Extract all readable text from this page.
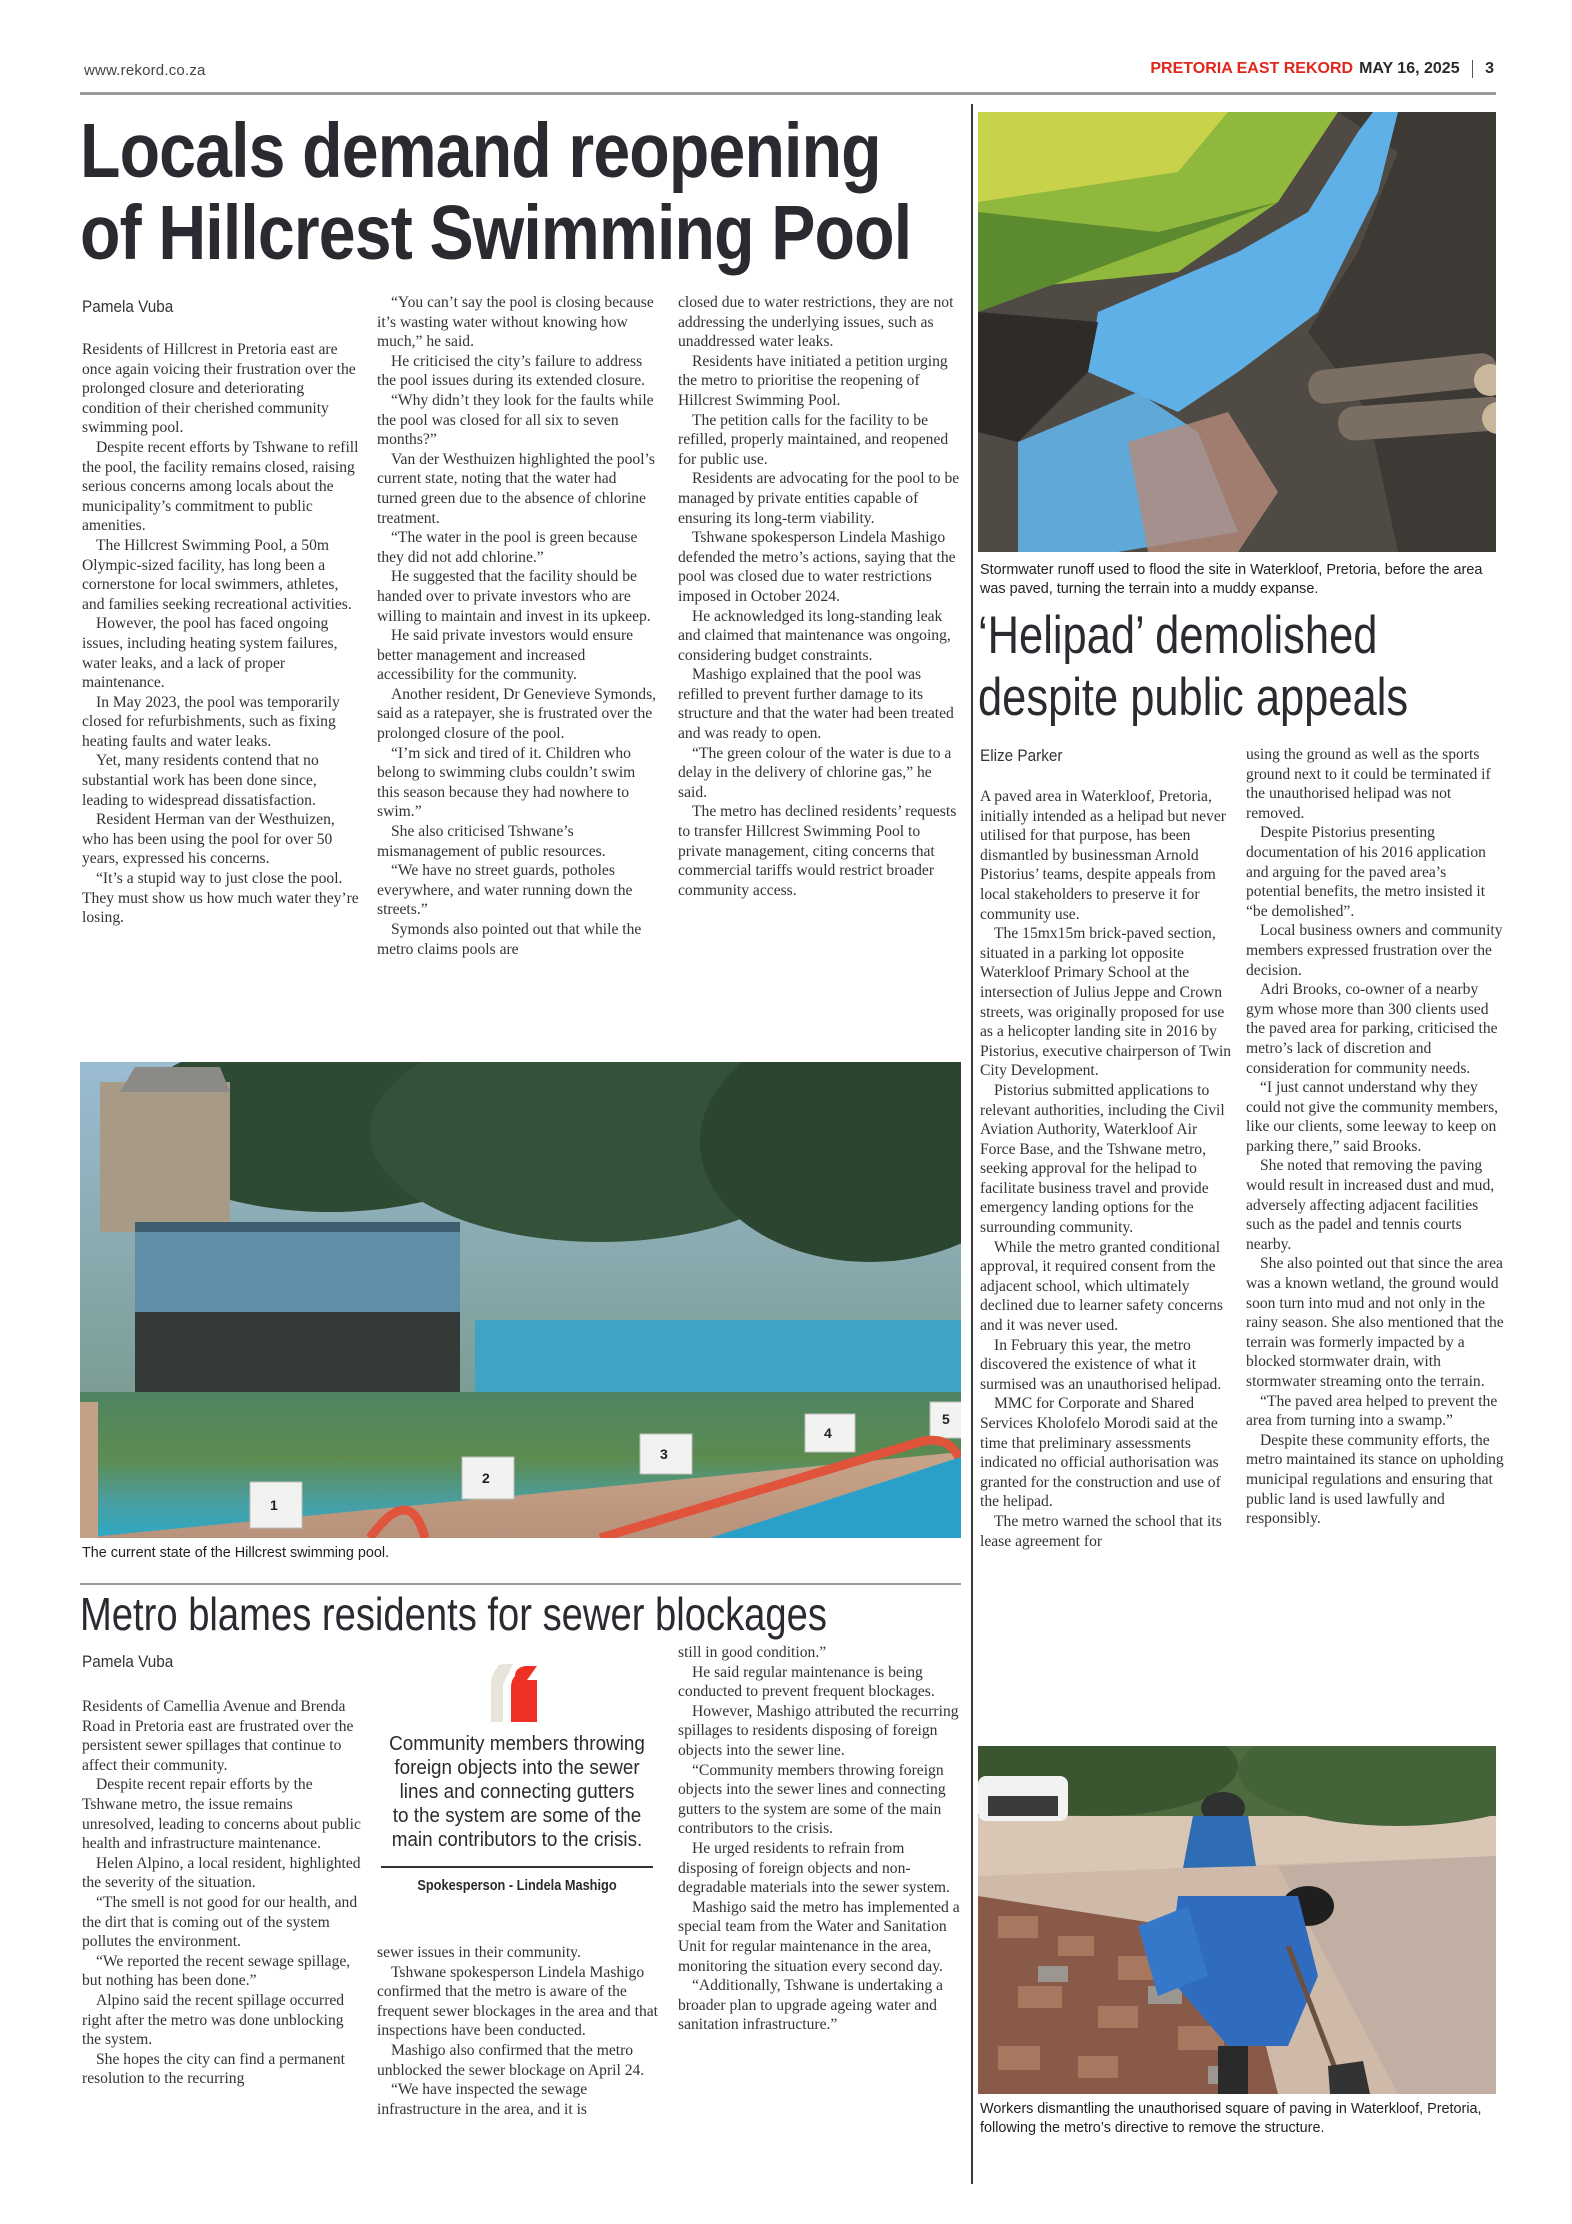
www.rekord.co.za	PRETORIA EAST REKORD MAY 16, 2025 3
Locals demand reopening
of Hillcrest Swimming Pool
Pamela Vuba

Residents of Hillcrest in Pretoria east are once again voicing their frustration over the prolonged closure and deteriorating condition of their cherished community swimming pool.

Despite recent efforts by Tshwane to refill the pool, the facility remains closed, raising serious concerns among locals about the municipality’s commitment to public amenities.

The Hillcrest Swimming Pool, a 50m Olympic-sized facility, has long been a cornerstone for local swimmers, athletes, and families seeking recreational activities.

However, the pool has faced ongoing issues, including heating system failures, water leaks, and a lack of proper maintenance.

In May 2023, the pool was temporarily closed for refurbishments, such as fixing heating faults and water leaks.

Yet, many residents contend that no substantial work has been done since, leading to widespread dissatisfaction.

Resident Herman van der Westhuizen, who has been using the pool for over 50 years, expressed his concerns.

“It’s a stupid way to just close the pool. They must show us how much water they’re losing.

“You can’t say the pool is closing because it’s wasting water without knowing how much,” he said.

He criticised the city’s failure to address the pool issues during its extended closure.

“Why didn’t they look for the faults while the pool was closed for all six to seven months?”

Van der Westhuizen highlighted the pool’s current state, noting that the water had turned green due to the absence of chlorine treatment.

“The water in the pool is green because they did not add chlorine.”

He suggested that the facility should be handed over to private investors who are willing to maintain and invest in its upkeep.

He said private investors would ensure better management and increased accessibility for the community.

Another resident, Dr Genevieve Symonds, said as a ratepayer, she is frustrated over the prolonged closure of the pool.

“I’m sick and tired of it. Children who belong to swimming clubs couldn’t swim this season because they had nowhere to swim.”

She also criticised Tshwane’s mismanagement of public resources.

“We have no street guards, potholes everywhere, and water running down the streets.”

Symonds also pointed out that while the metro claims pools are

closed due to water restrictions, they are not addressing the underlying issues, such as unaddressed water leaks.

Residents have initiated a petition urging the metro to prioritise the reopening of Hillcrest Swimming Pool.

The petition calls for the facility to be refilled, properly maintained, and reopened for public use.

Residents are advocating for the pool to be managed by private entities capable of ensuring its long-term viability.

Tshwane spokesperson Lindela Mashigo defended the metro’s actions, saying that the pool was closed due to water restrictions imposed in October 2024.

He acknowledged its long-standing leak and claimed that maintenance was ongoing, considering budget constraints.

Mashigo explained that the pool was refilled to prevent further damage to its structure and that the water had been treated and was ready to open.

“The green colour of the water is due to a delay in the delivery of chlorine gas,” he said.

The metro has declined residents’ requests to transfer Hillcrest Swimming Pool to private management, citing concerns that commercial tariffs would restrict broader community access.

1
2
3
4
5
The current state of the Hillcrest swimming pool.
Stormwater runoff used to flood the site in Waterkloof, Pretoria, before the area was paved, turning the terrain into a muddy expanse.
‘Helipad’ demolished
despite public appeals
Elize Parker

A paved area in Waterkloof, Pretoria, initially intended as a helipad but never utilised for that purpose, has been dismantled by businessman Arnold Pistorius’ teams, despite appeals from local stakeholders to preserve it for community use.

The 15mx15m brick-paved section, situated in a parking lot opposite Waterkloof Primary School at the intersection of Julius Jeppe and Crown streets, was originally proposed for use as a helicopter landing site in 2016 by Pistorius, executive chairperson of Twin City Development.

Pistorius submitted applications to relevant authorities, including the Civil Aviation Authority, Waterkloof Air Force Base, and the Tshwane metro, seeking approval for the helipad to facilitate business travel and provide emergency landing options for the surrounding community.

While the metro granted conditional approval, it required consent from the adjacent school, which ultimately declined due to learner safety concerns and it was never used.

In February this year, the metro discovered the existence of what it surmised was an unauthorised helipad.

MMC for Corporate and Shared Services Kholofelo Morodi said at the time that preliminary assessments indicated no official authorisation was granted for the construction and use of the helipad.

The metro warned the school that its lease agreement for

using the ground as well as the sports ground next to it could be terminated if the unauthorised helipad was not removed.

Despite Pistorius presenting documentation of his 2016 application and arguing for the paved area’s potential benefits, the metro insisted it “be demolished”.

Local business owners and community members expressed frustration over the decision.

Adri Brooks, co-owner of a nearby gym whose more than 300 clients used the paved area for parking, criticised the metro’s lack of discretion and consideration for community needs.

“I just cannot understand why they could not give the community members, like our clients, some leeway to keep on parking there,” said Brooks.

She noted that removing the paving would result in increased dust and mud, adversely affecting adjacent facilities such as the padel and tennis courts nearby.

She also pointed out that since the area was a known wetland, the ground would soon turn into mud and not only in the rainy season. She also mentioned that the terrain was formerly impacted by a blocked stormwater drain, with stormwater streaming onto the terrain.

“The paved area helped to prevent the area from turning into a swamp.”

Despite these community efforts, the metro maintained its stance on upholding municipal regulations and ensuring that public land is used lawfully and responsibly.

Workers dismantling the unauthorised square of paving in Waterkloof, Pretoria, following the metro’s directive to remove the structure.
Metro blames residents for sewer blockages
Pamela Vuba

Residents of Camellia Avenue and Brenda Road in Pretoria east are frustrated over the persistent sewer spillages that continue to affect their community.

Despite recent repair efforts by the Tshwane metro, the issue remains unresolved, leading to concerns about public health and infrastructure maintenance.

Helen Alpino, a local resident, highlighted the severity of the situation.

“The smell is not good for our health, and the dirt that is coming out of the system pollutes the environment.

“We reported the recent sewage spillage, but nothing has been done.”

Alpino said the recent spillage occurred right after the metro was done unblocking the system.

She hopes the city can find a permanent resolution to the recurring

Community members throwing foreign objects into the sewer lines and connecting gutters to the system are some of the main contributors to the crisis.
Spokesperson - Lindela Mashigo

sewer issues in their community.

Tshwane spokesperson Lindela Mashigo confirmed that the metro is aware of the frequent sewer blockages in the area and that inspections have been conducted.

Mashigo also confirmed that the metro unblocked the sewer blockage on April 24.

“We have inspected the sewage infrastructure in the area, and it is

still in good condition.”

He said regular maintenance is being conducted to prevent frequent blockages.

However, Mashigo attributed the recurring spillages to residents disposing of foreign objects into the sewer line.

“Community members throwing foreign objects into the sewer lines and connecting gutters to the system are some of the main contributors to the crisis.

He urged residents to refrain from disposing of foreign objects and non-degradable materials into the sewer system.

Mashigo said the metro has implemented a special team from the Water and Sanitation Unit for regular maintenance in the area, monitoring the situation every second day.

“Additionally, Tshwane is undertaking a broader plan to upgrade ageing water and sanitation infrastructure.”
